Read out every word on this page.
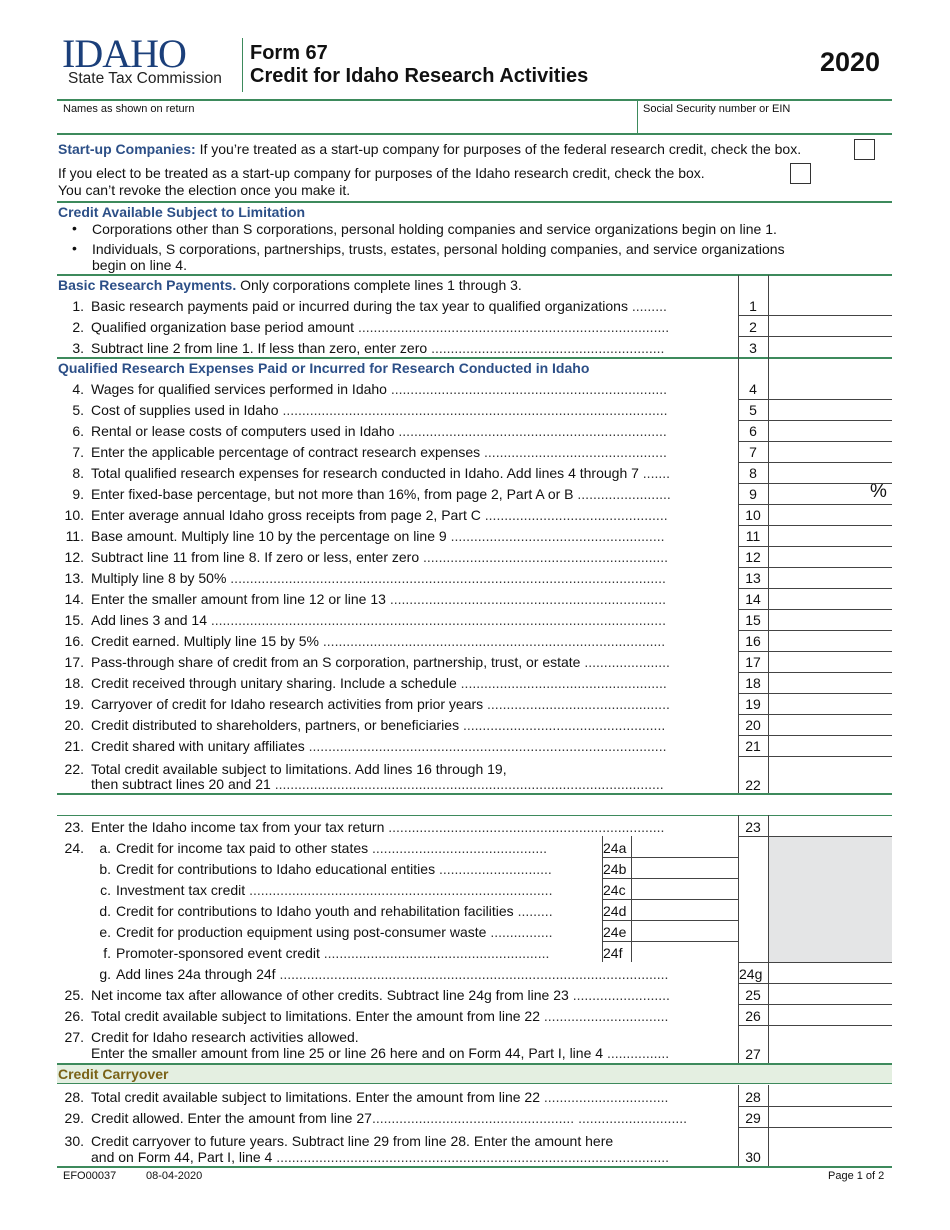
IDAHO
State Tax Commission
Form 67
Credit for Idaho Research Activities	2020
Names as shown on return	Social Security number or EIN
Start-up Companies: If you’re treated as a start-up company for purposes of the federal research credit, check the box.
If you elect to be treated as a start-up company for purposes of the Idaho research credit, check the box.
You can’t revoke the election once you make it.
Credit Available Subject to Limitation
• Corporations other than S corporations, personal holding companies and service organizations begin on line 1.
• Individuals, S corporations, partnerships, trusts, estates, personal holding companies, and service organizations
begin on line 4.
Basic Research Payments. Only corporations complete lines 1 through 3.
1. Basic research payments paid or incurred during the tax year to qualified organizations .........	1
2. Qualified organization base period amount ................................................................................	2
3. Subtract line 2 from line 1. If less than zero, enter zero ............................................................	3
Qualified Research Expenses Paid or Incurred for Research Conducted in Idaho
4. Wages for qualified services performed in Idaho .......................................................................	4
5. Cost of supplies used in Idaho ...................................................................................................	5
6. Rental or lease costs of computers used in Idaho .....................................................................	6
7. Enter the applicable percentage of contract research expenses ...............................................	7
8. Total qualified research expenses for research conducted in Idaho. Add lines 4 through 7 .......	8
9. Enter fixed-base percentage, but not more than 16%, from page 2, Part A or B ........................	9	%
10. Enter average annual Idaho gross receipts from page 2, Part C ...............................................	10
11. Base amount. Multiply line 10 by the percentage on line 9 .......................................................	11
12. Subtract line 11 from line 8. If zero or less, enter zero ...............................................................	12
13. Multiply line 8 by 50% ................................................................................................................	13
14. Enter the smaller amount from line 12 or line 13 .......................................................................	14
15. Add lines 3 and 14 .....................................................................................................................	15
16. Credit earned. Multiply line 15 by 5% ........................................................................................	16
17. Pass-through share of credit from an S corporation, partnership, trust, or estate ......................	17
18. Credit received through unitary sharing. Include a schedule .....................................................	18
19. Carryover of credit for Idaho research activities from prior years ...............................................	19
20. Credit distributed to shareholders, partners, or beneficiaries ....................................................	20
21. Credit shared with unitary affiliates ............................................................................................	21
22. Total credit available subject to limitations. Add lines 16 through 19,
then subtract lines 20 and 21 ....................................................................................................	22
23. Enter the Idaho income tax from your tax return .......................................................................	23
24.	a. Credit for income tax paid to other states .............................................	24a
b. Credit for contributions to Idaho educational entities .............................	24b
c. Investment tax credit ..............................................................................	24c
d. Credit for contributions to Idaho youth and rehabilitation facilities .........	24d
e. Credit for production equipment using post-consumer waste ................	24e
f. Promoter-sponsored event credit ..........................................................	24f
g. Add lines 24a through 24f ....................................................................................................	24g
25. Net income tax after allowance of other credits. Subtract line 24g from line 23 .........................	25
26. Total credit available subject to limitations. Enter the amount from line 22 ................................	26
27. Credit for Idaho research activities allowed.
Enter the smaller amount from line 25 or line 26 here and on Form 44, Part I, line 4 ................	27
Credit Carryover
28. Total credit available subject to limitations. Enter the amount from line 22 ................................	28
29. Credit allowed. Enter the amount from line 27.................................................... ............................	29
30. Credit carryover to future years. Subtract line 29 from line 28. Enter the amount here
and on Form 44, Part I, line 4 .....................................................................................................	30
EFO00037	08-04-2020	Page 1 of 2
